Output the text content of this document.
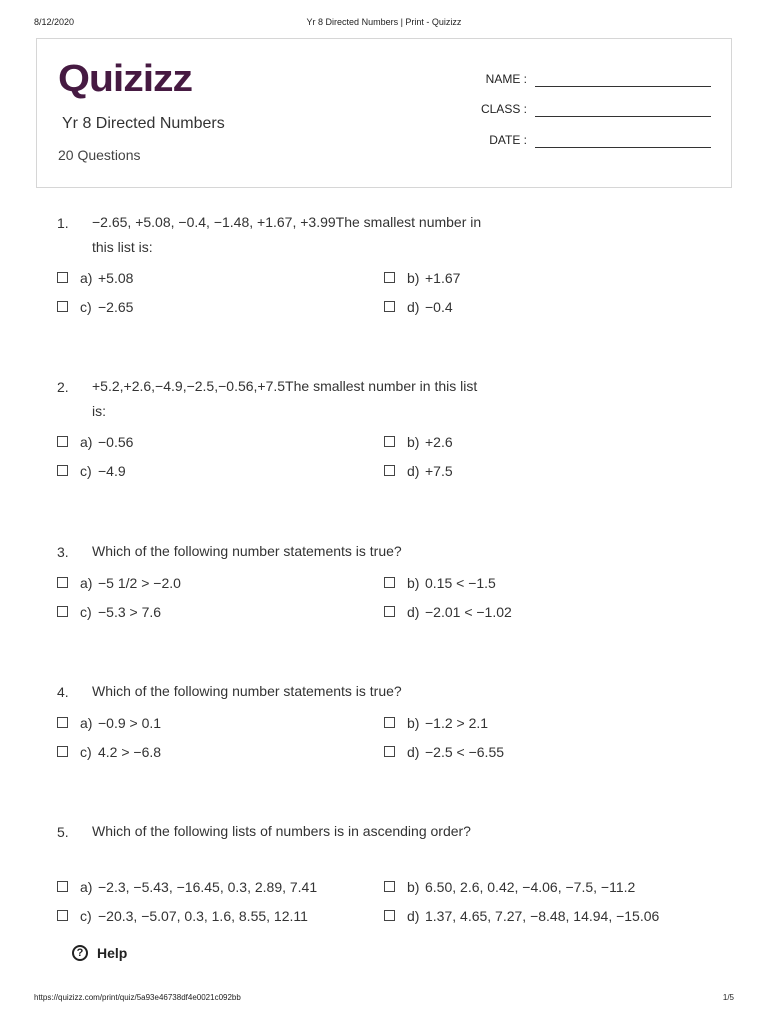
8/12/2020	Yr 8 Directed Numbers | Print - Quizizz
Quizizz
Yr 8 Directed Numbers
20 Questions
NAME :
CLASS :
DATE :
1. −2.65, +5.08, −0.4, −1.48, +1.67, +3.99The smallest number in this list is:
a) +5.08	b) +1.67
c) −2.65	d) −0.4
2. +5.2,+2.6,−4.9,−2.5,−0.56,+7.5The smallest number in this list is:
a) −0.56	b) +2.6
c) −4.9	d) +7.5
3. Which of the following number statements is true?
a) −5 1/2 > −2.0	b) 0.15 < −1.5
c) −5.3 > 7.6	d) −2.01 < −1.02
4. Which of the following number statements is true?
a) −0.9 > 0.1	b) −1.2 > 2.1
c) 4.2 > −6.8	d) −2.5 < −6.55
5. Which of the following lists of numbers is in ascending order?
a) −2.3, −5.43, −16.45, 0.3, 2.89, 7.41	b) 6.50, 2.6, 0.42, −4.06, −7.5, −11.2
c) −20.3, −5.07, 0.3, 1.6, 8.55, 12.11	d) 1.37, 4.65, 7.27, −8.48, 14.94, −15.06
? Help
https://quizizz.com/print/quiz/5a93e46738df4e0021c092bb	1/5
